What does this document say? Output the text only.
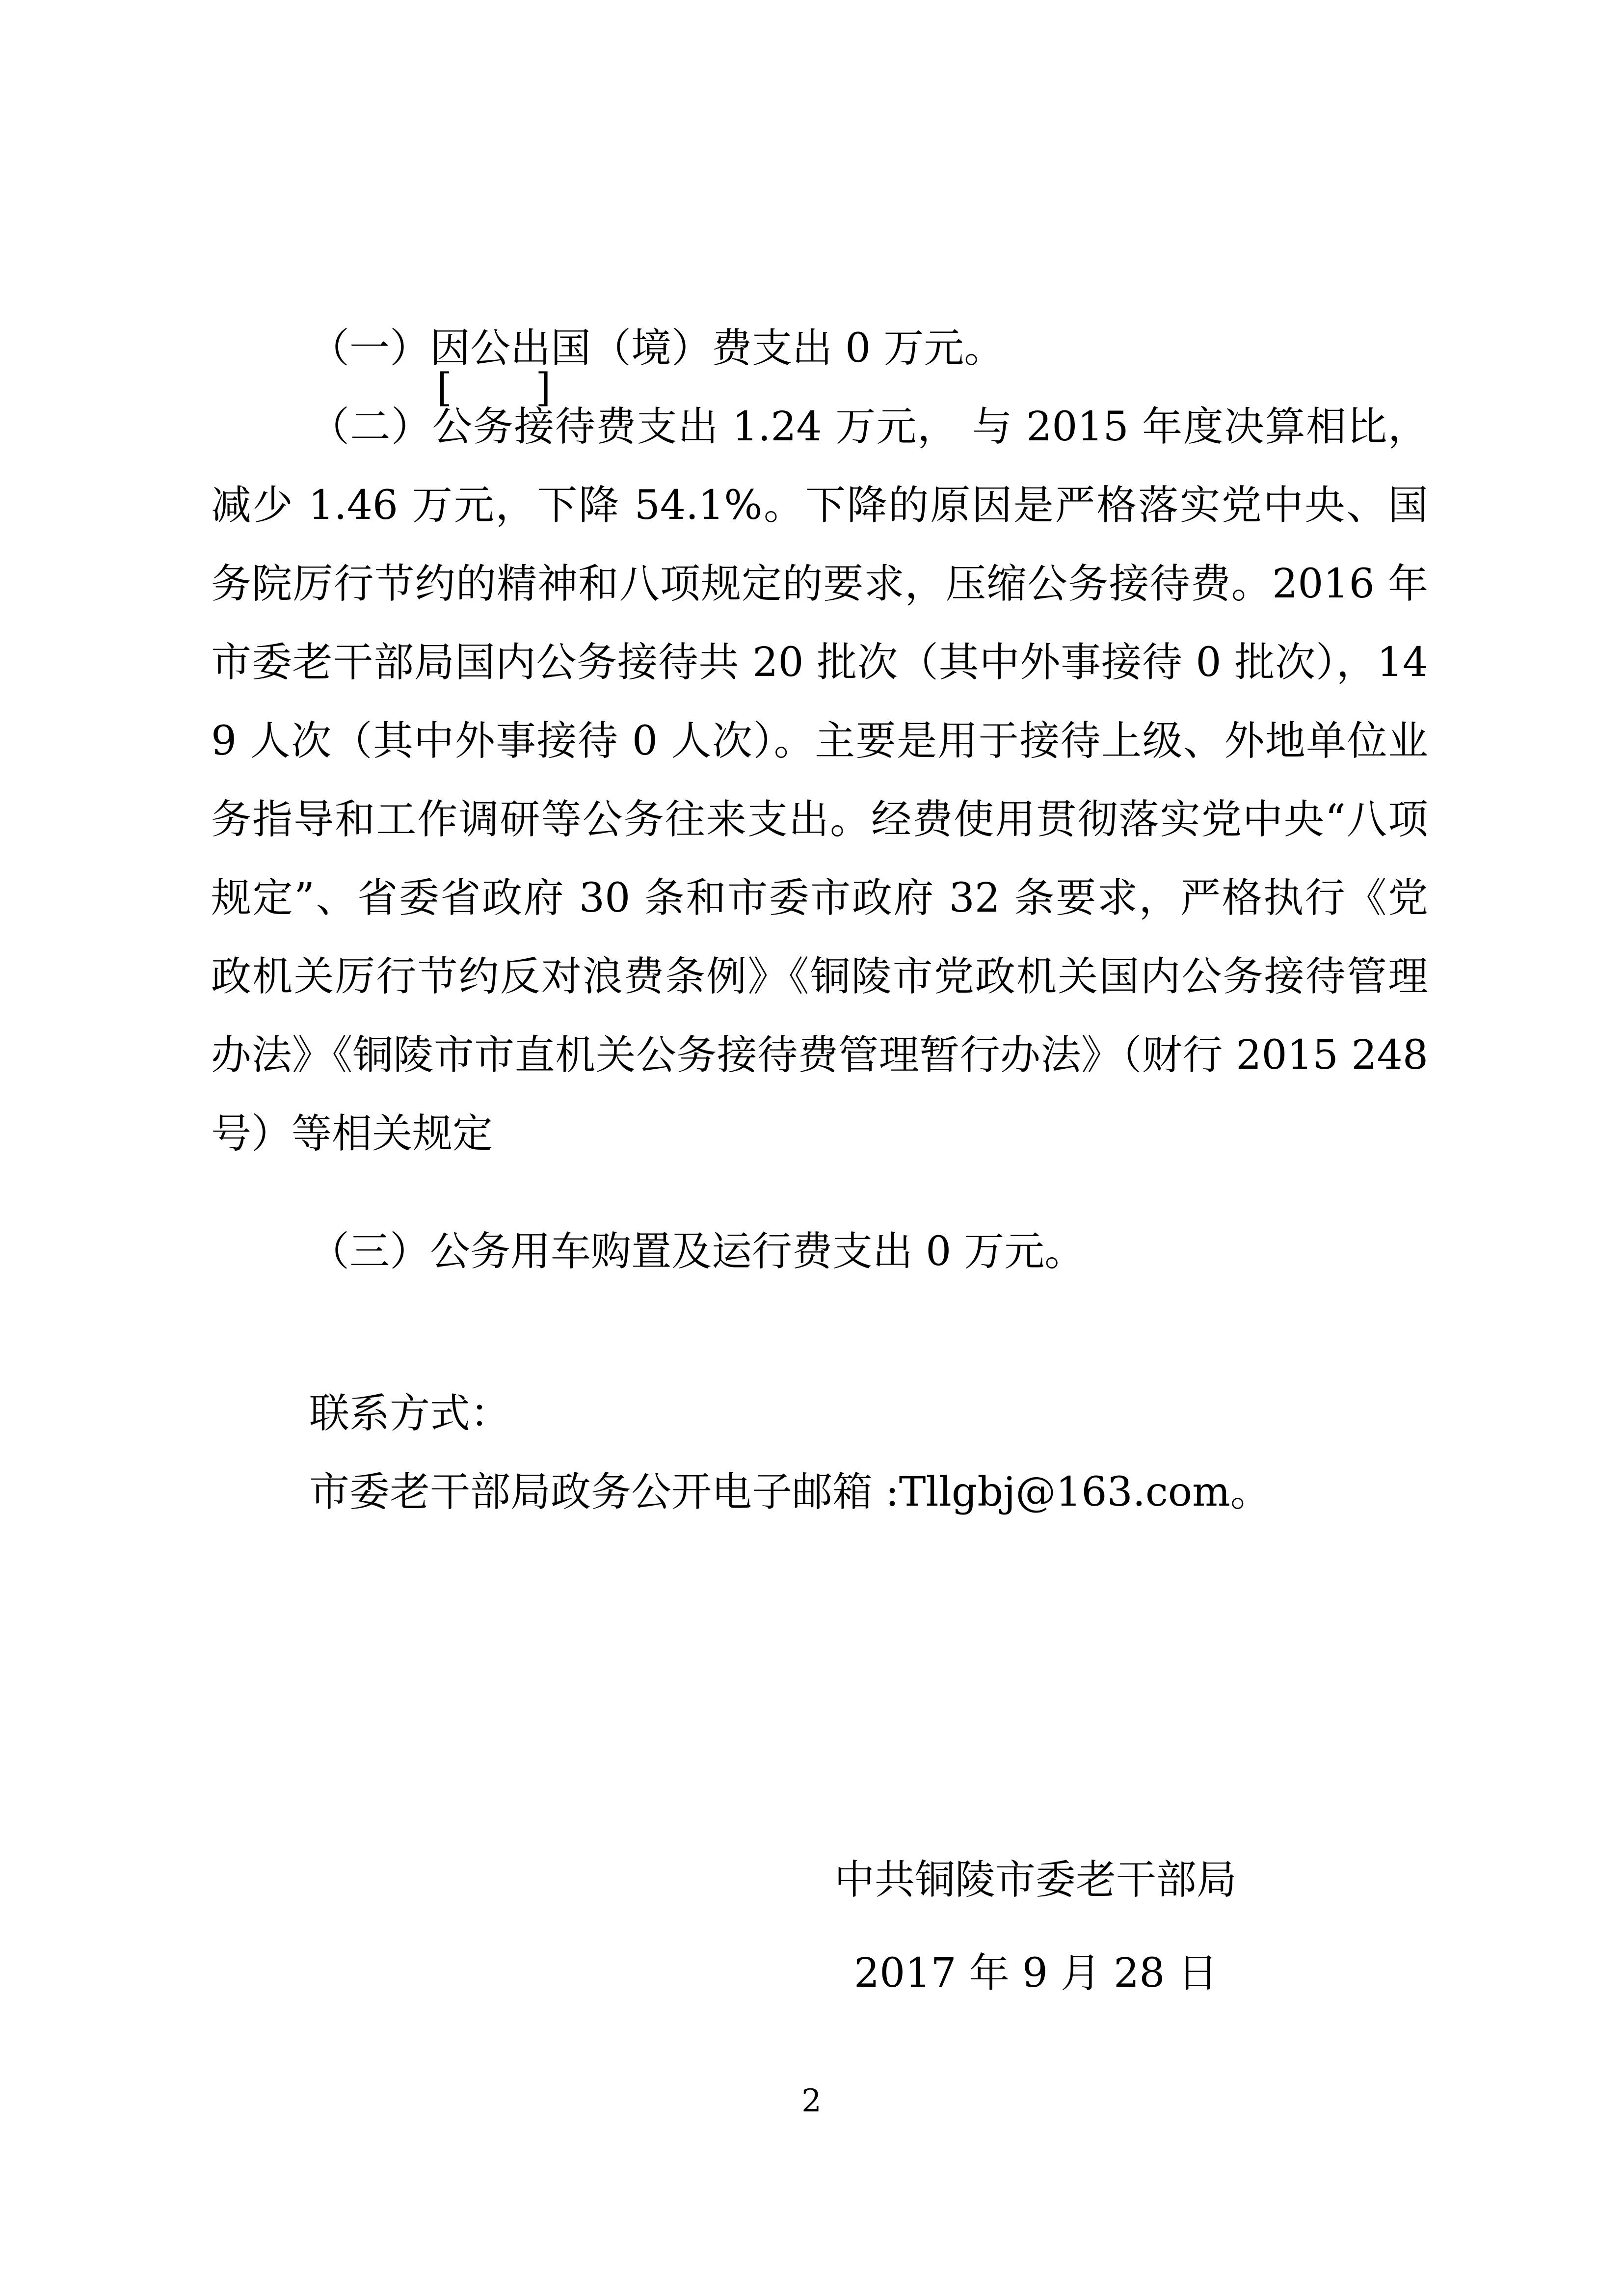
（一）因公出国（境）费支出 0 万元。

[ ]

（二）公务接待费支出 1.24 万元， 与 2015 年度决算相比，减少 1.46 万元，下降 54.1%。下降的原因是严格落实党中央、国务院厉行节约的精神和八项规定的要求，压缩公务接待费。2016 年市委老干部局国内公务接待共 20 批次（其中外事接待 0 批次），149 人次（其中外事接待 0 人次）。主要是用于接待上级、外地单位业务指导和工作调研等公务往来支出。经费使用贯彻落实党中央“八项规定”、省委省政府 30 条和市委市政府 32 条要求，严格执行《党政机关厉行节约反对浪费条例》《铜陵市党政机关国内公务接待管理办法》《铜陵市市直机关公务接待费管理暂行办法》（财行 2015 248 号）等相关规定

（三）公务用车购置及运行费支出 0 万元。

联系方式：

市委老干部局政务公开电子邮箱 :Tllgbj@163.com。

中共铜陵市委老干部局

2017 年 9 月 28 日

2
